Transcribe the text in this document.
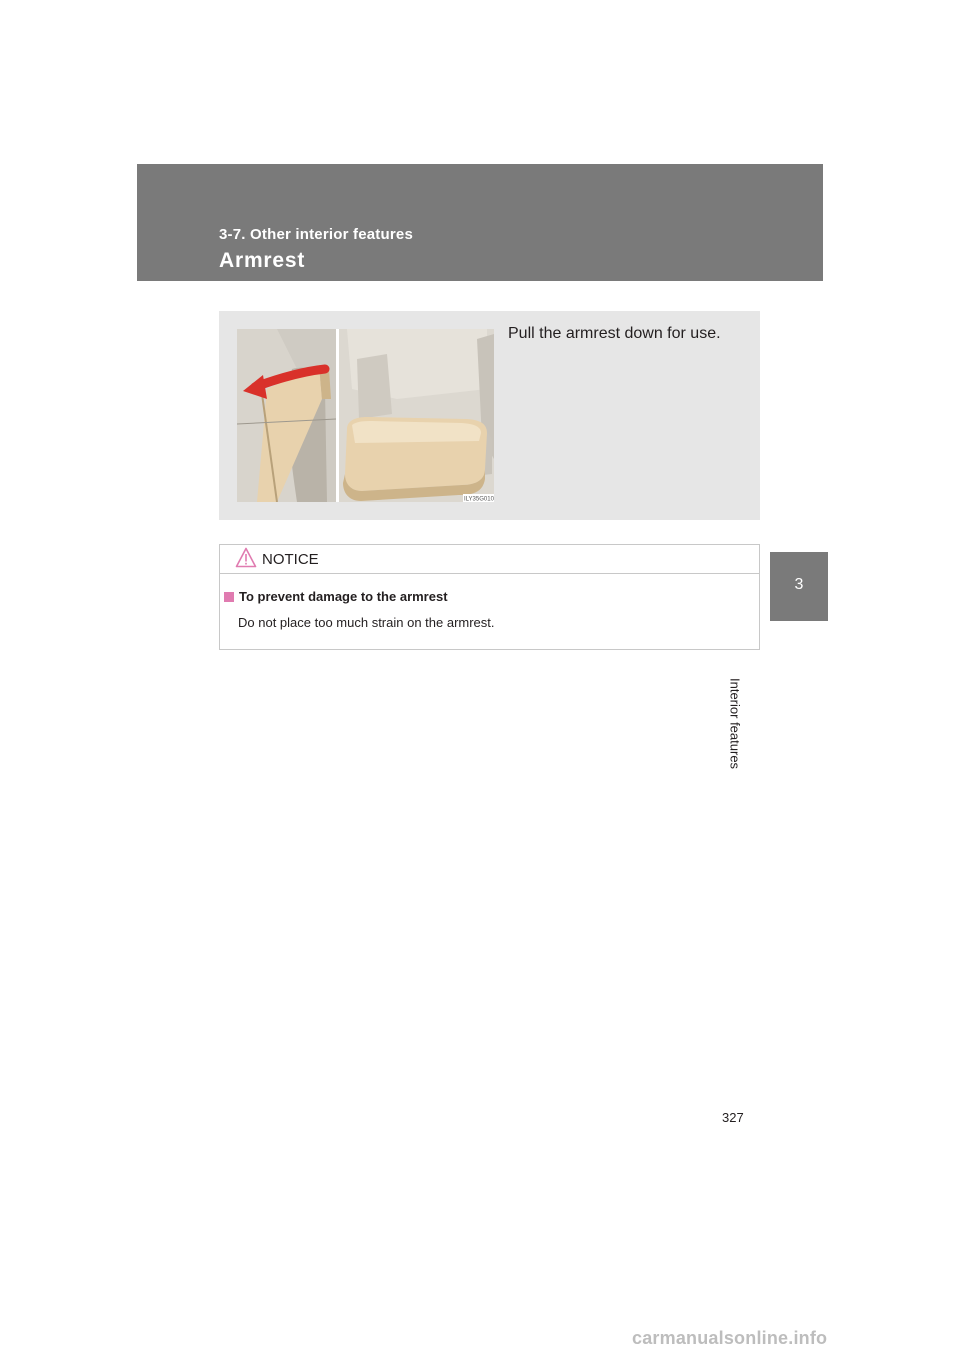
3-7. Other interior features
Armrest
3
Interior features
ILY35G010
Pull the armrest down for use.
NOTICE
To prevent damage to the armrest
Do not place too much strain on the armrest.
327
carmanualsonline.info
